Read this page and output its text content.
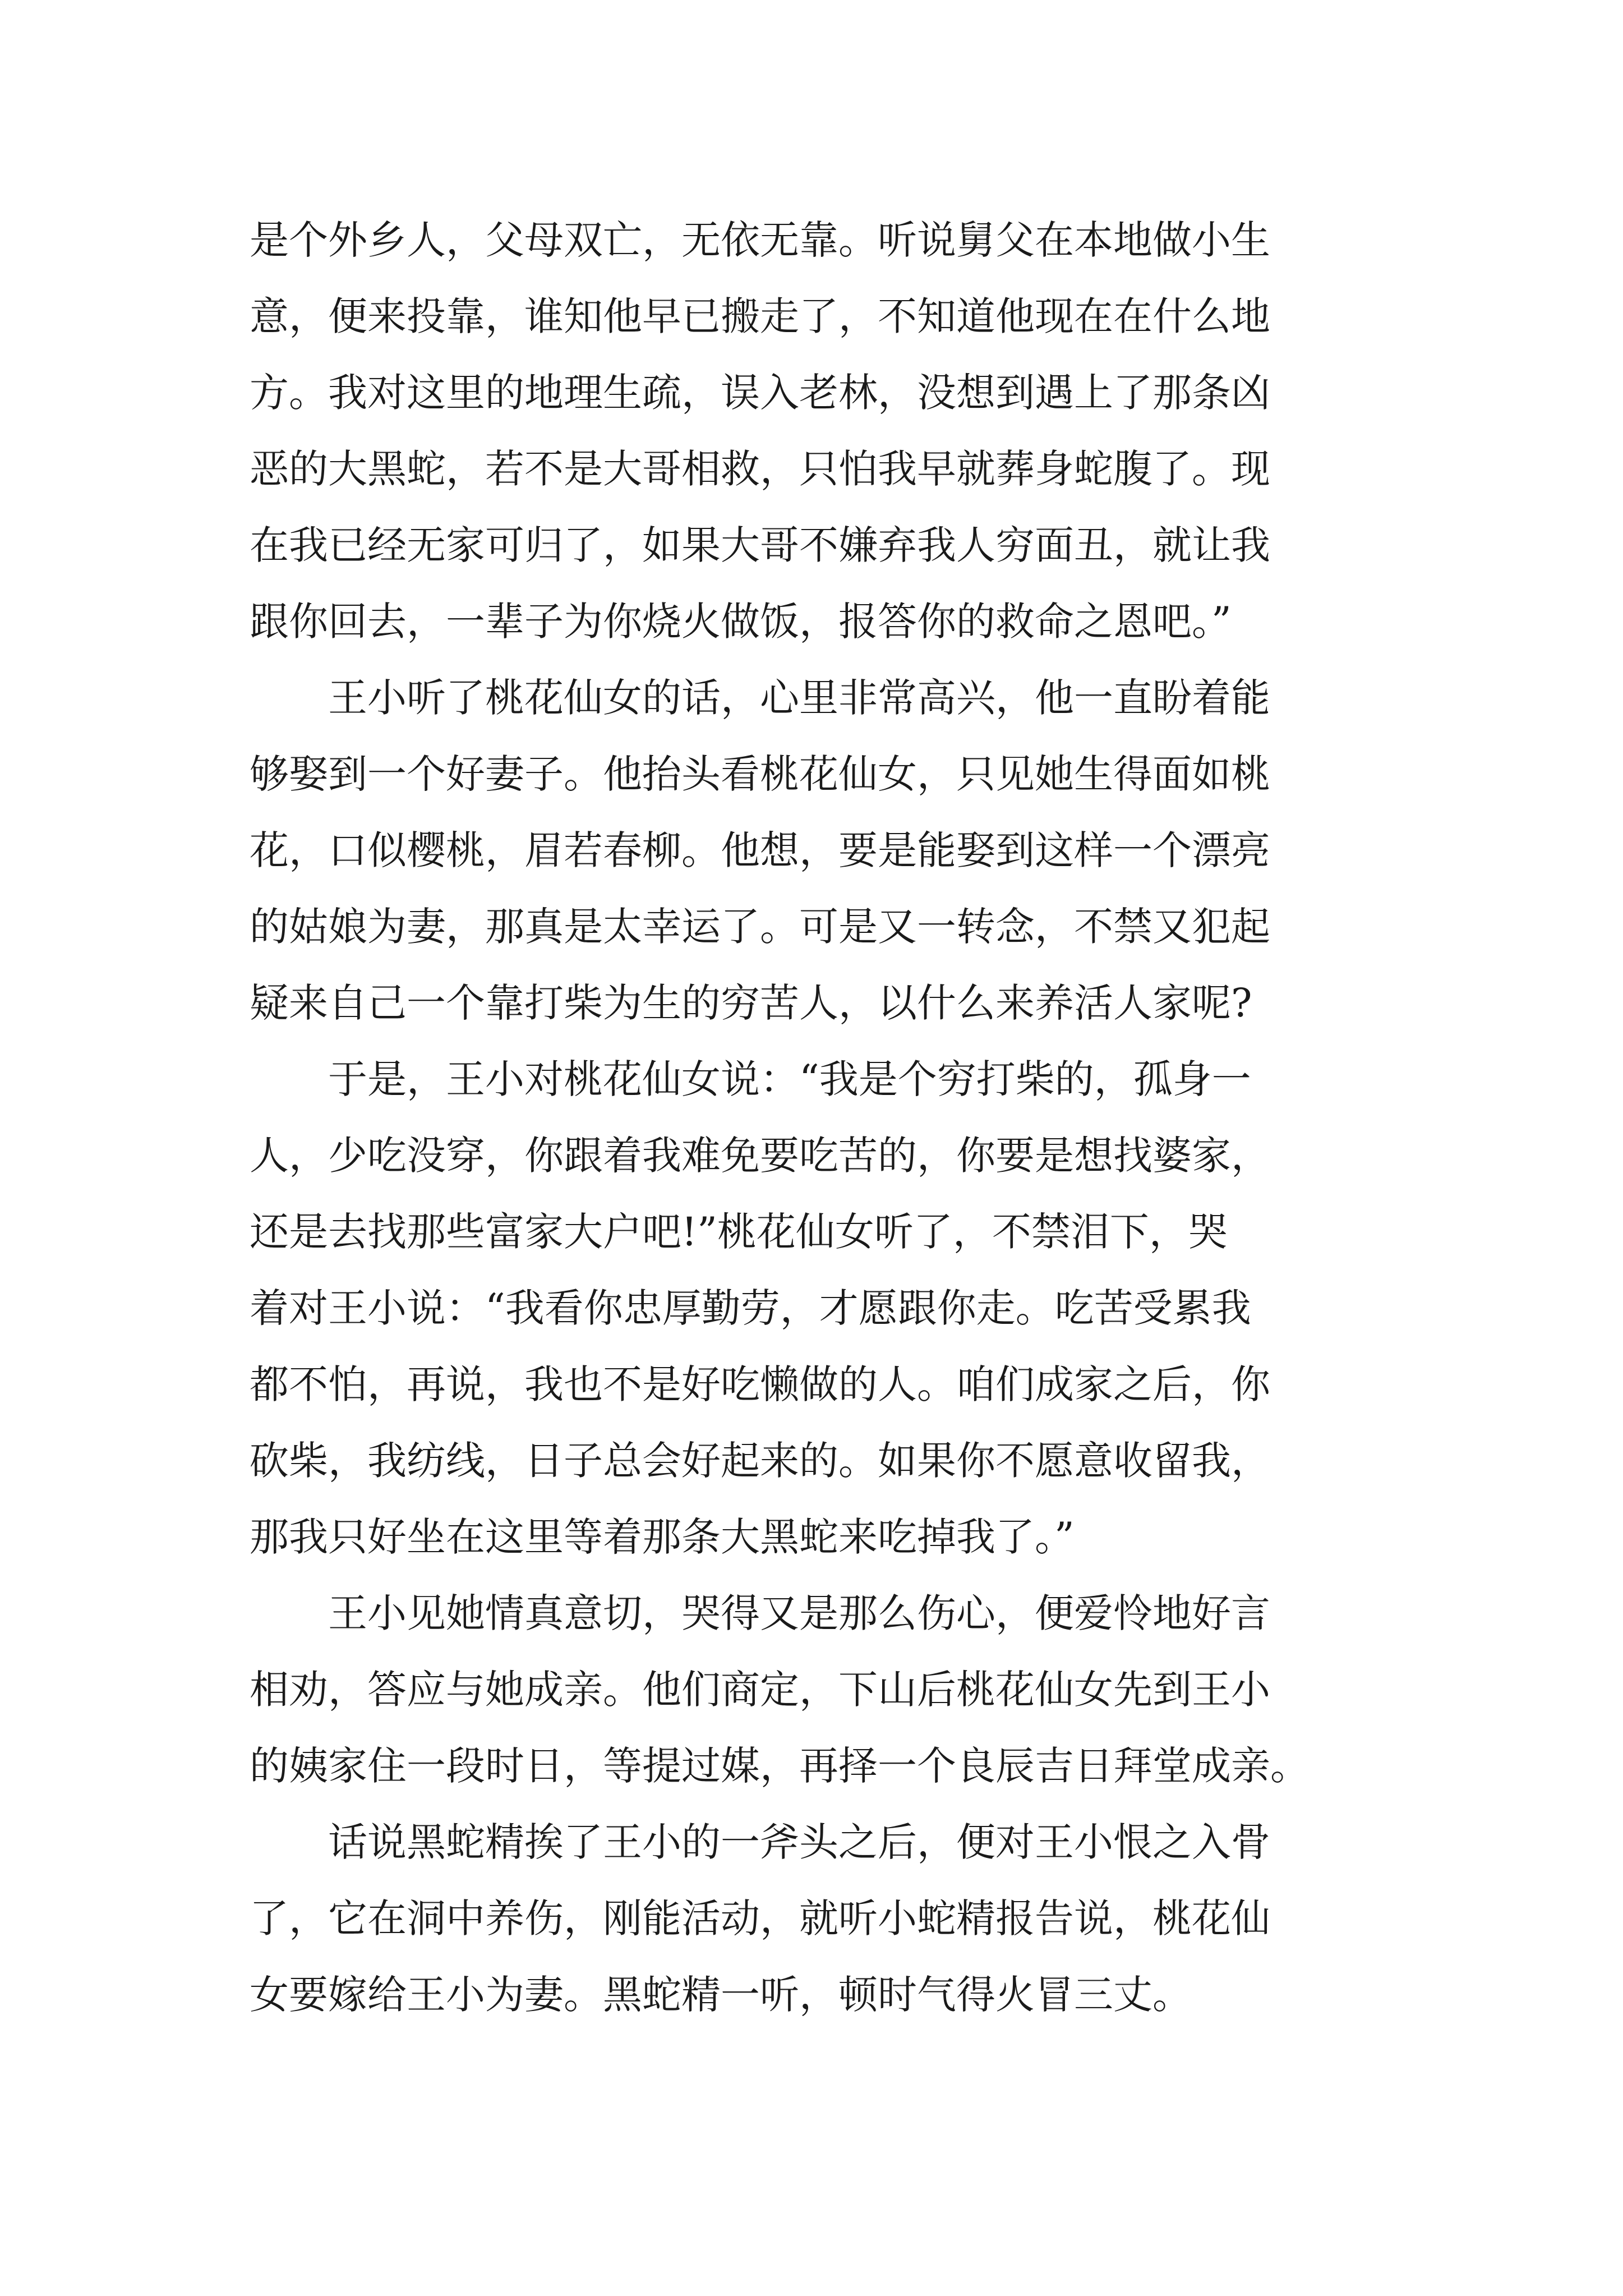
是个外乡人，父母双亡，无依无靠。听说舅父在本地做小生
意，便来投靠，谁知他早已搬走了，不知道他现在在什么地
方。我对这里的地理生疏，误入老林，没想到遇上了那条凶
恶的大黑蛇，若不是大哥相救，只怕我早就葬身蛇腹了。现
在我已经无家可归了，如果大哥不嫌弃我人穷面丑，就让我
跟你回去，一辈子为你烧火做饭，报答你的救命之恩吧。”
王小听了桃花仙女的话，心里非常高兴，他一直盼着能
够娶到一个好妻子。他抬头看桃花仙女，只见她生得面如桃
花，口似樱桃，眉若春柳。他想，要是能娶到这样一个漂亮
的姑娘为妻，那真是太幸运了。可是又一转念，不禁又犯起
疑来自己一个靠打柴为生的穷苦人，以什么来养活人家呢?
于是，王小对桃花仙女说：“我是个穷打柴的，孤身一
人，少吃没穿，你跟着我难免要吃苦的，你要是想找婆家，
还是去找那些富家大户吧!”桃花仙女听了，不禁泪下，哭
着对王小说：“我看你忠厚勤劳，才愿跟你走。吃苦受累我
都不怕，再说，我也不是好吃懒做的人。咱们成家之后，你
砍柴，我纺线，日子总会好起来的。如果你不愿意收留我，
那我只好坐在这里等着那条大黑蛇来吃掉我了。”
王小见她情真意切，哭得又是那么伤心，便爱怜地好言
相劝，答应与她成亲。他们商定，下山后桃花仙女先到王小
的姨家住一段时日，等提过媒，再择一个良辰吉日拜堂成亲。
话说黑蛇精挨了王小的一斧头之后，便对王小恨之入骨
了，它在洞中养伤，刚能活动，就听小蛇精报告说，桃花仙
女要嫁给王小为妻。黑蛇精一听，顿时气得火冒三丈。
